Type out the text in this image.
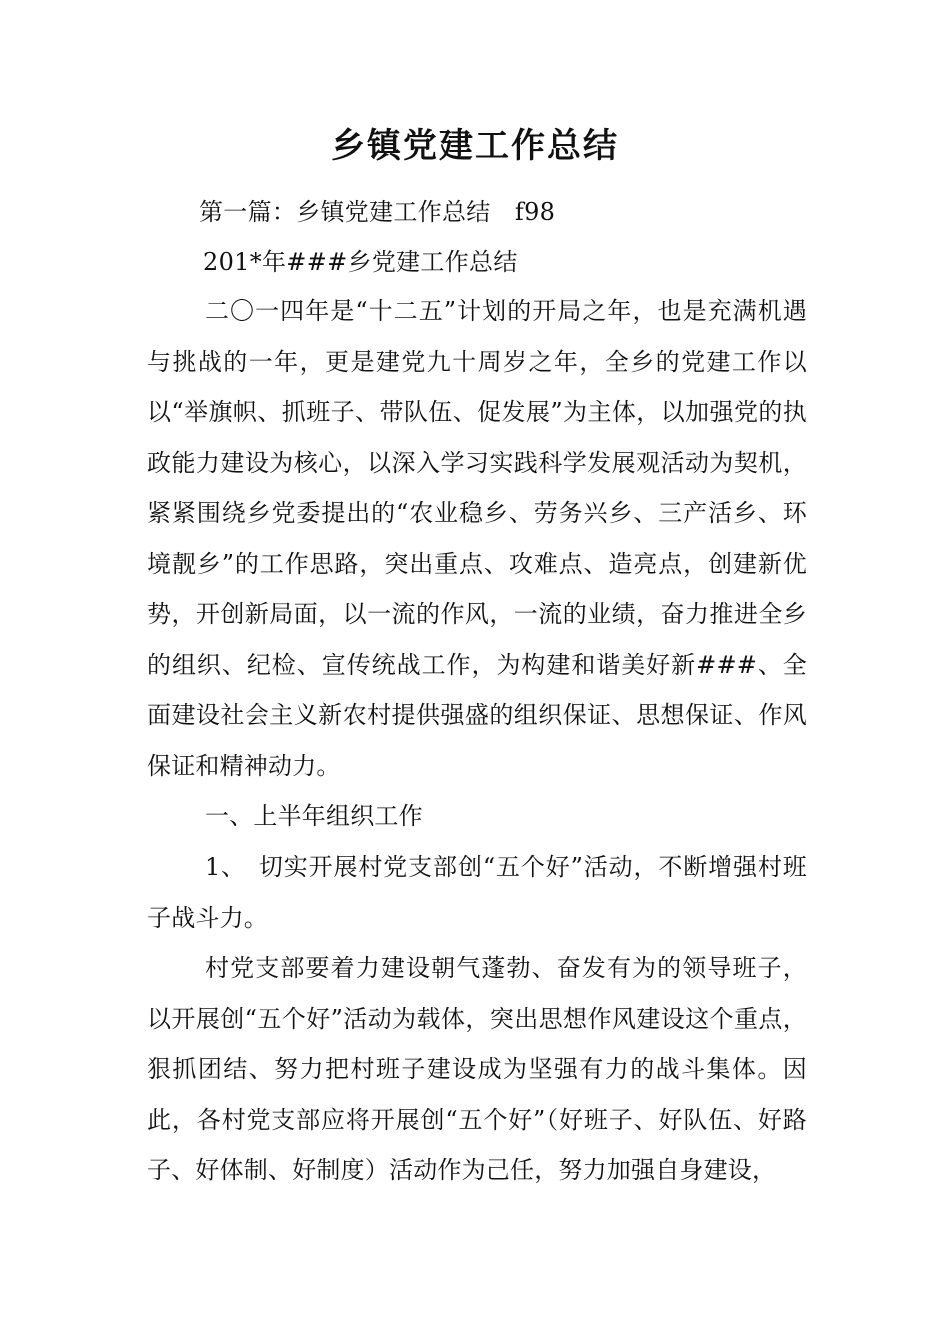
乡镇党建工作总结
第一篇：乡镇党建工作总结　f98
201*年###乡党建工作总结

二〇一四年是“十二五”计划的开局之年，也是充满机遇与挑战的一年，更是建党九十周岁之年，全乡的党建工作以以“举旗帜、抓班子、带队伍、促发展”为主体，以加强党的执政能力建设为核心，以深入学习实践科学发展观活动为契机，紧紧围绕乡党委提出的“农业稳乡、劳务兴乡、三产活乡、环境靓乡”的工作思路，突出重点、攻难点、造亮点，创建新优势，开创新局面，以一流的作风，一流的业绩，奋力推进全乡的组织、纪检、宣传统战工作，为构建和谐美好新###、全面建设社会主义新农村提供强盛的组织保证、思想保证、作风保证和精神动力。

一、上半年组织工作

1、　切实开展村党支部创“五个好”活动，不断增强村班子战斗力。

村党支部要着力建设朝气蓬勃、奋发有为的领导班子，以开展创“五个好”活动为载体，突出思想作风建设这个重点，狠抓团结、努力把村班子建设成为坚强有力的战斗集体。因此，各村党支部应将开展创“五个好”（好班子、好队伍、好路子、好体制、好制度）活动作为己任，努力加强自身建设，
